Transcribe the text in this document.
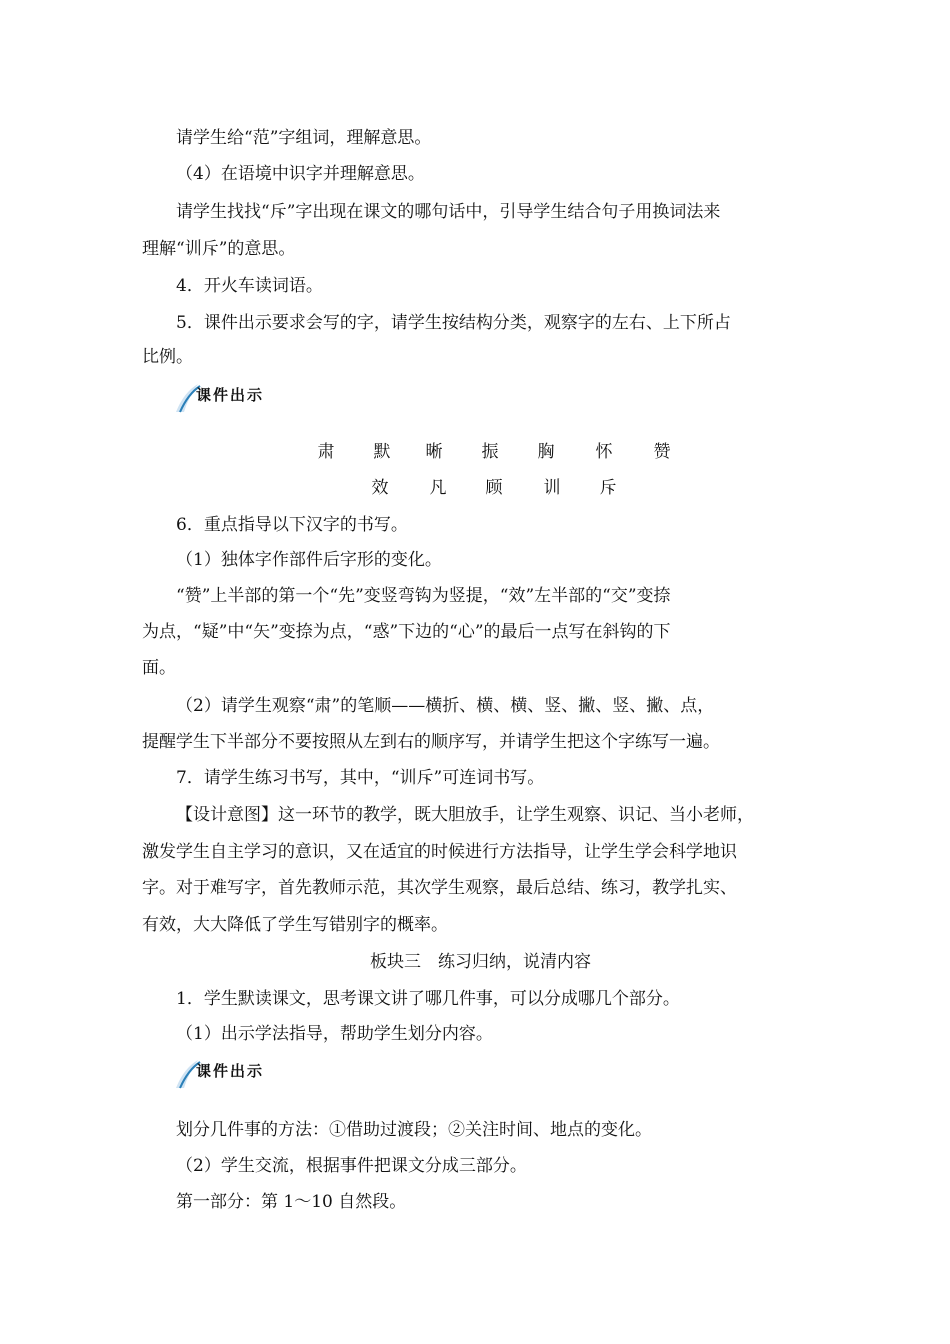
请学生给“范”字组词，理解意思。
（4）在语境中识字并理解意思。
请学生找找“斥”字出现在课文的哪句话中，引导学生结合句子用换词法来
理解“训斥”的意思。
4．开火车读词语。
5．课件出示要求会写的字，请学生按结构分类，观察字的左右、上下所占
比例。
课件出示
肃 默 晰 振 胸 怀 赞
效 凡 顾 训 斥
6．重点指导以下汉字的书写。
（1）独体字作部件后字形的变化。
“赞”上半部的第一个“先”变竖弯钩为竖提，“效”左半部的“交”变捺
为点，“疑”中“矢”变捺为点，“惑”下边的“心”的最后一点写在斜钩的下
面。
（2）请学生观察“肃”的笔顺——横折、横、横、竖、撇、竖、撇、点，
提醒学生下半部分不要按照从左到右的顺序写，并请学生把这个字练写一遍。
7．请学生练习书写，其中，“训斥”可连词书写。
【设计意图】这一环节的教学，既大胆放手，让学生观察、识记、当小老师，
激发学生自主学习的意识，又在适宜的时候进行方法指导，让学生学会科学地识
字。对于难写字，首先教师示范，其次学生观察，最后总结、练习，教学扎实、
有效，大大降低了学生写错别字的概率。
板块三　练习归纳，说清内容
1．学生默读课文，思考课文讲了哪几件事，可以分成哪几个部分。
（1）出示学法指导，帮助学生划分内容。
课件出示
划分几件事的方法：①借助过渡段；②关注时间、地点的变化。
（2）学生交流，根据事件把课文分成三部分。
第一部分：第 1～10 自然段。
